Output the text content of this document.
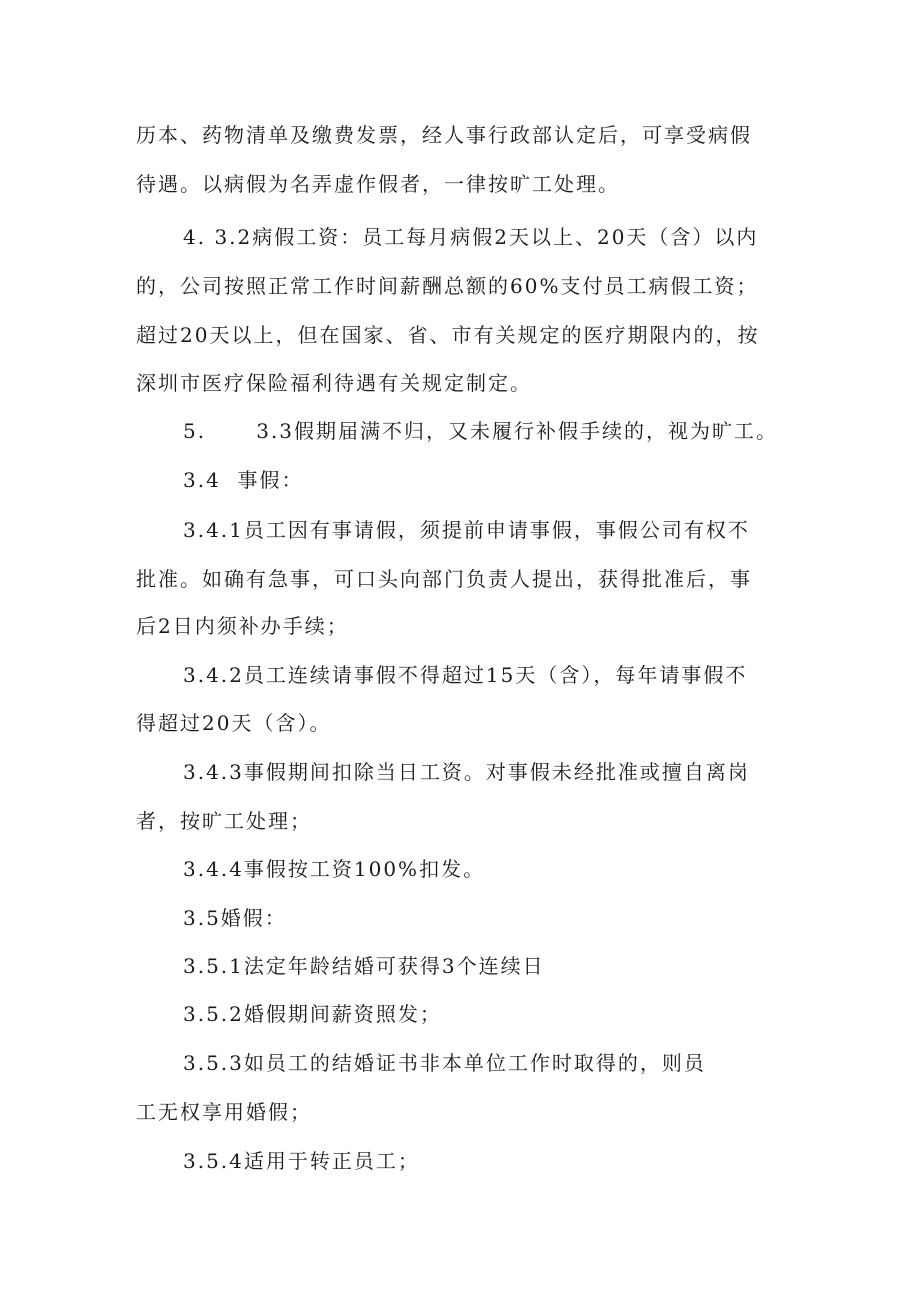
历本、药物清单及缴费发票，经人事行政部认定后，可享受病假
待遇。以病假为名弄虚作假者，一律按旷工处理。
4. 3.2病假工资：员工每月病假2天以上、20天（含）以内
的，公司按照正常工作时间薪酬总额的60%支付员工病假工资；
超过20天以上，但在国家、省、市有关规定的医疗期限内的，按
深圳市医疗保险福利待遇有关规定制定。
5.      3.3假期届满不归，又未履行补假手续的，视为旷工。
3.4  事假：
3.4.1员工因有事请假，须提前申请事假，事假公司有权不
批准。如确有急事，可口头向部门负责人提出，获得批准后，事
后2日内须补办手续；
3.4.2员工连续请事假不得超过15天（含），每年请事假不
得超过20天（含）。
3.4.3事假期间扣除当日工资。对事假未经批准或擅自离岗
者，按旷工处理；
3.4.4事假按工资100%扣发。
3.5婚假：
3.5.1法定年龄结婚可获得3个连续日
3.5.2婚假期间薪资照发；
3.5.3如员工的结婚证书非本单位工作时取得的，则员
工无权享用婚假；
3.5.4适用于转正员工；
